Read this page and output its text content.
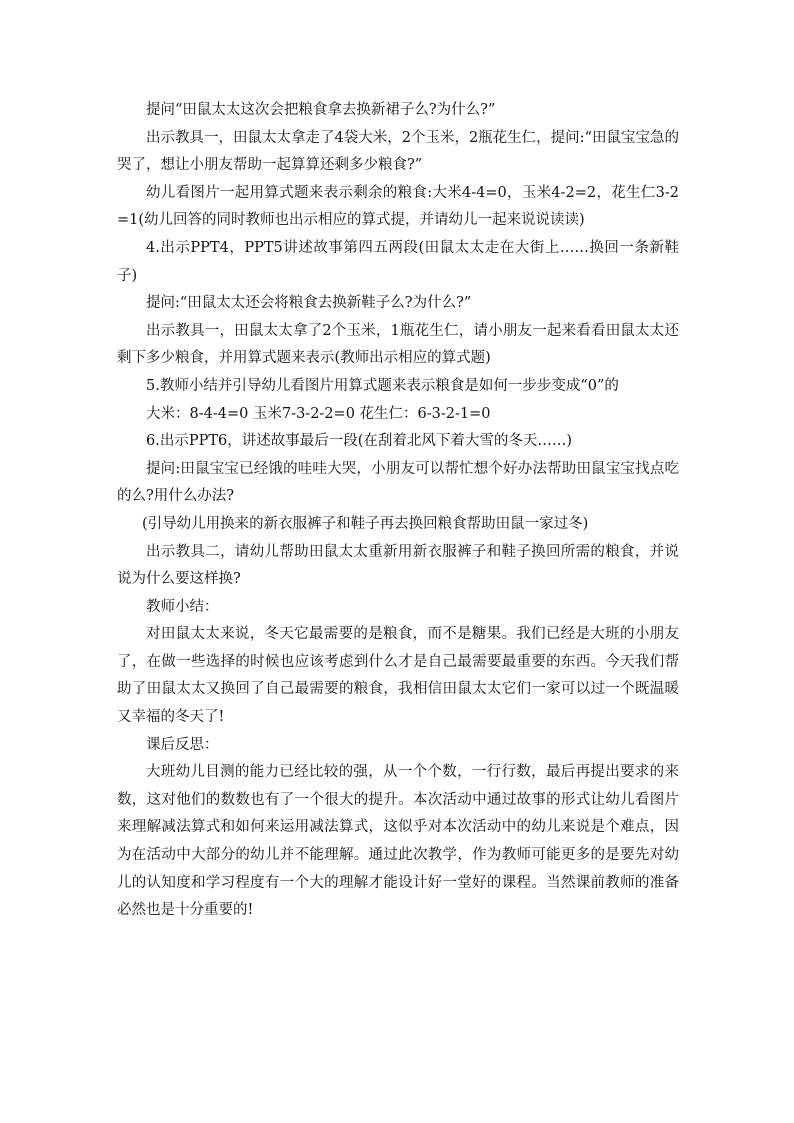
提问“田鼠太太这次会把粮食拿去换新裙子么?为什么?”

出示教具一，田鼠太太拿走了4袋大米，2个玉米，2瓶花生仁，提问:“田鼠宝宝急的哭了，想让小朋友帮助一起算算还剩多少粮食?”

幼儿看图片一起用算式题来表示剩余的粮食:大米4-4=0，玉米4-2=2，花生仁3-2=1(幼儿回答的同时教师也出示相应的算式提，并请幼儿一起来说说读读)

4.出示PPT4，PPT5讲述故事第四五两段(田鼠太太走在大街上……换回一条新鞋子)

提问:“田鼠太太还会将粮食去换新鞋子么?为什么?”

出示教具一，田鼠太太拿了2个玉米，1瓶花生仁，请小朋友一起来看看田鼠太太还剩下多少粮食，并用算式题来表示(教师出示相应的算式题)

5.教师小结并引导幼儿看图片用算式题来表示粮食是如何一步步变成“0”的

大米：8-4-4=0 玉米7-3-2-2=0 花生仁：6-3-2-1=0

6.出示PPT6，讲述故事最后一段(在刮着北风下着大雪的冬天……)

提问:田鼠宝宝已经饿的哇哇大哭，小朋友可以帮忙想个好办法帮助田鼠宝宝找点吃的么?用什么办法?

(引导幼儿用换来的新衣服裤子和鞋子再去换回粮食帮助田鼠一家过冬)

出示教具二，请幼儿帮助田鼠太太重新用新衣服裤子和鞋子换回所需的粮食，并说说为什么要这样换?

教师小结：

对田鼠太太来说，冬天它最需要的是粮食，而不是糖果。我们已经是大班的小朋友了，在做一些选择的时候也应该考虑到什么才是自己最需要最重要的东西。今天我们帮助了田鼠太太又换回了自己最需要的粮食，我相信田鼠太太它们一家可以过一个既温暖又幸福的冬天了!

课后反思：

大班幼儿目测的能力已经比较的强，从一个个数，一行行数，最后再提出要求的来数，这对他们的数数也有了一个很大的提升。本次活动中通过故事的形式让幼儿看图片来理解减法算式和如何来运用减法算式，这似乎对本次活动中的幼儿来说是个难点，因为在活动中大部分的幼儿并不能理解。通过此次教学，作为教师可能更多的是要先对幼儿的认知度和学习程度有一个大的理解才能设计好一堂好的课程。当然课前教师的准备必然也是十分重要的!
